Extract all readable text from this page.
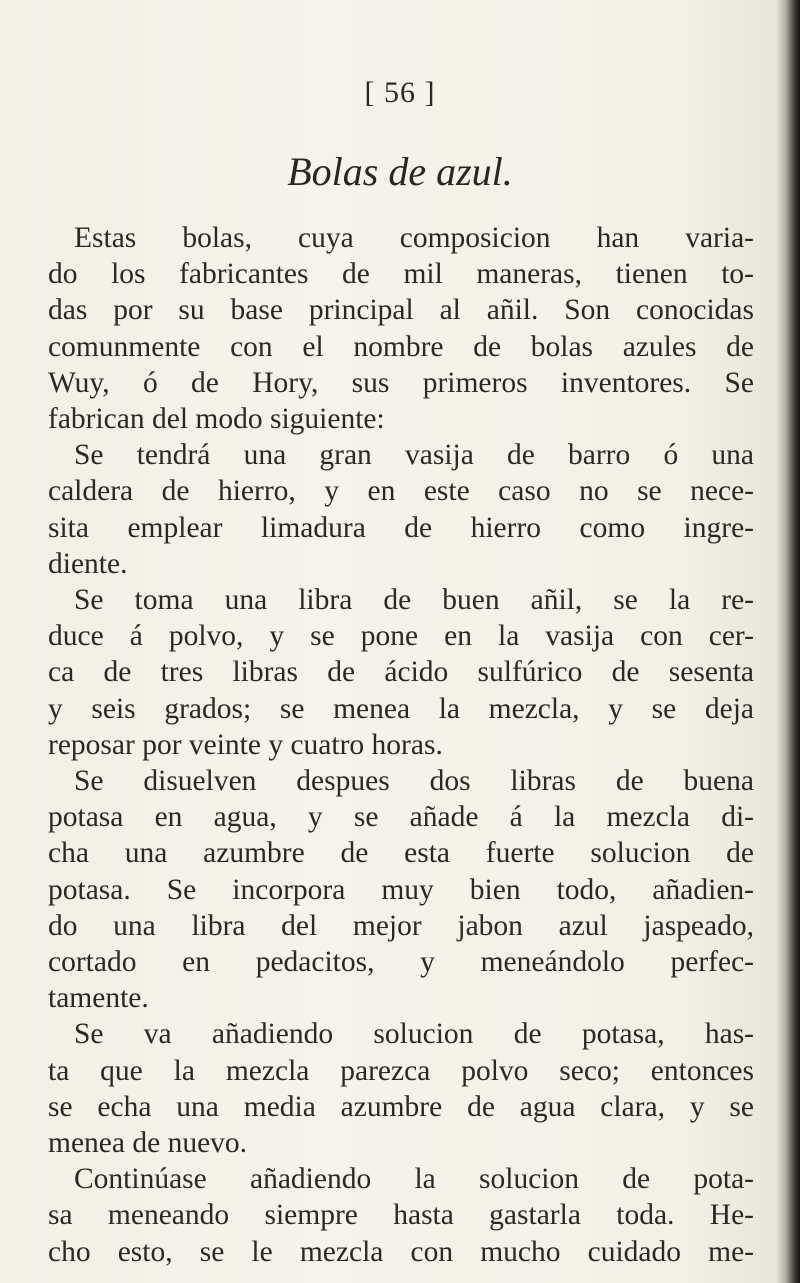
[ 56 ]
Bolas de azul.
Estas bolas, cuya composicion han varia-
do los fabricantes de mil maneras, tienen to-
das por su base principal al añil. Son conocidas
comunmente con el nombre de bolas azules de
Wuy, ó de Hory, sus primeros inventores. Se
fabrican del modo siguiente:
Se tendrá una gran vasija de barro ó una
caldera de hierro, y en este caso no se nece-
sita emplear limadura de hierro como ingre-
diente.
Se toma una libra de buen añil, se la re-
duce á polvo, y se pone en la vasija con cer-
ca de tres libras de ácido sulfúrico de sesenta
y seis grados; se menea la mezcla, y se deja
reposar por veinte y cuatro horas.
Se disuelven despues dos libras de buena
potasa en agua, y se añade á la mezcla di-
cha una azumbre de esta fuerte solucion de
potasa. Se incorpora muy bien todo, añadien-
do una libra del mejor jabon azul jaspeado,
cortado en pedacitos, y meneándolo perfec-
tamente.
Se va añadiendo solucion de potasa, has-
ta que la mezcla parezca polvo seco; entonces
se echa una media azumbre de agua clara, y se
menea de nuevo.
Continúase añadiendo la solucion de pota-
sa meneando siempre hasta gastarla toda. He-
cho esto, se le mezcla con mucho cuidado me-
